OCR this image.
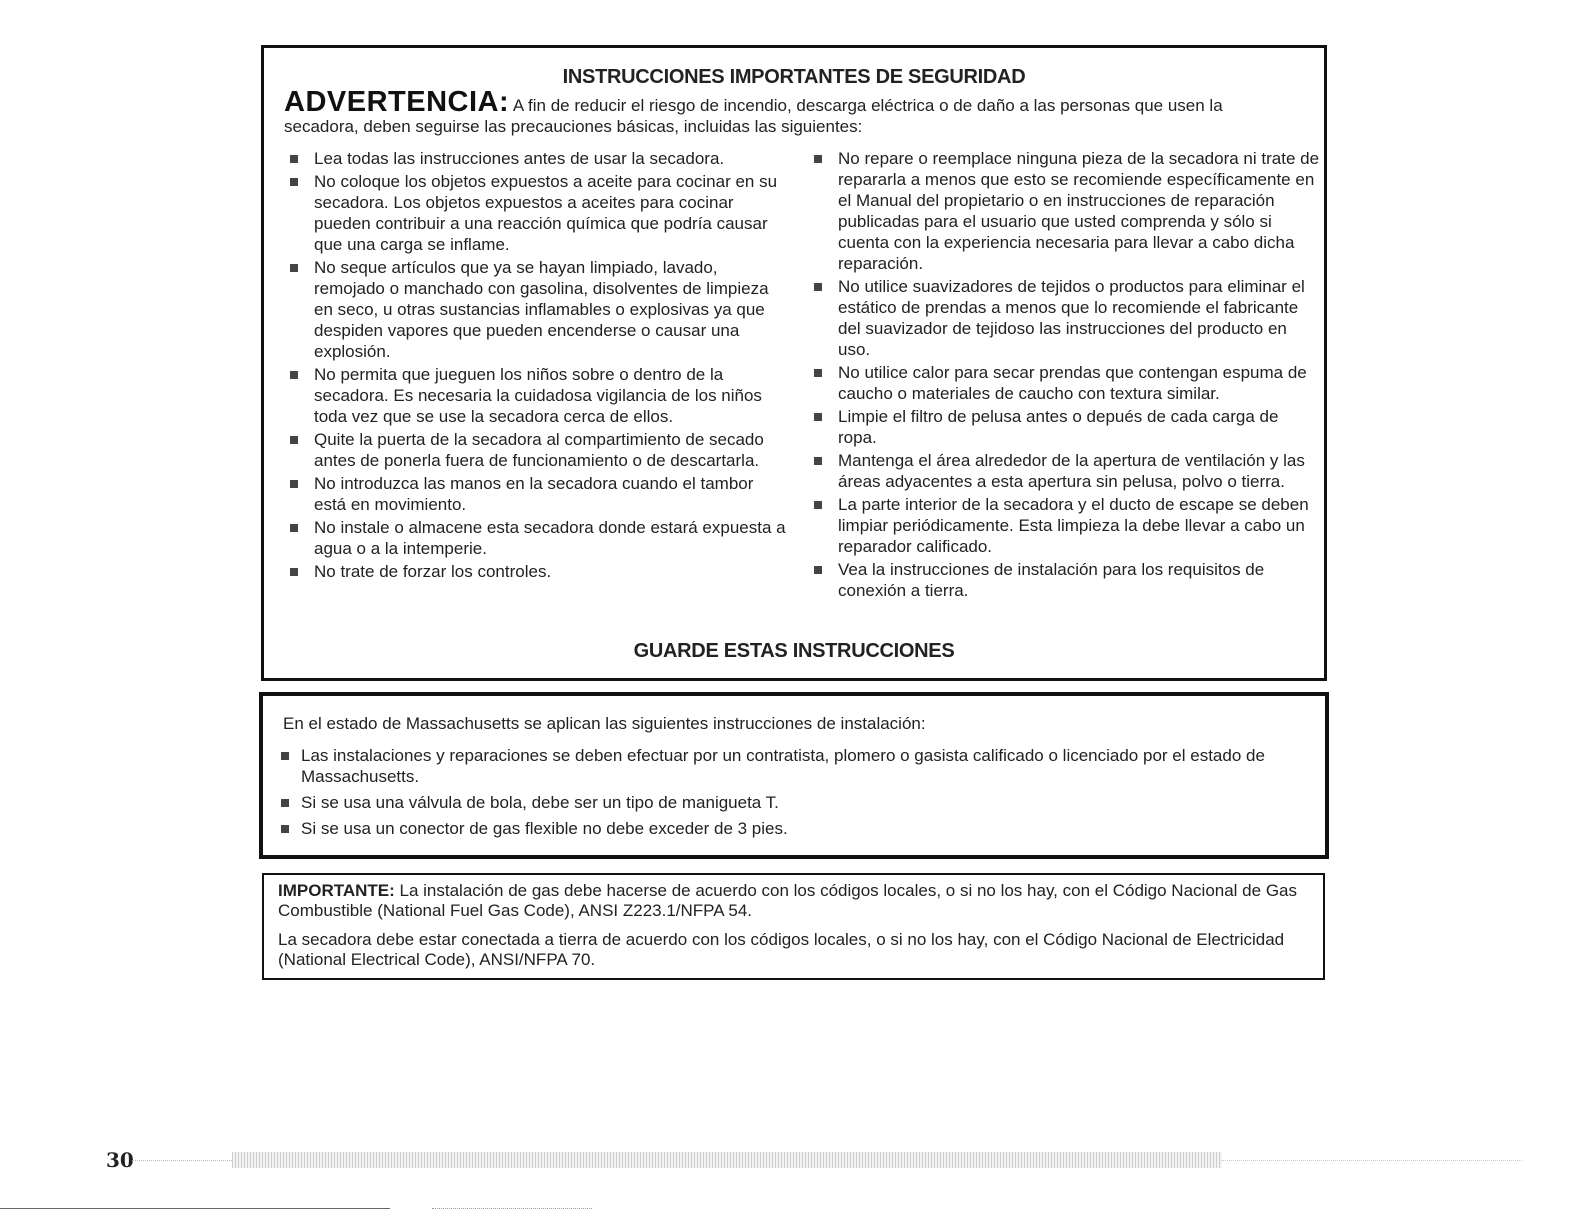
INSTRUCCIONES IMPORTANTES DE SEGURIDAD
ADVERTENCIA: A fin de reducir el riesgo de incendio, descarga eléctrica o de daño a las personas que usen la secadora, deben seguirse las precauciones básicas, incluidas las siguientes:
Lea todas las instrucciones antes de usar la secadora.
No coloque los objetos expuestos a aceite para cocinar en su secadora. Los objetos expuestos a aceites para cocinar pueden contribuir a una reacción química que podría causar que una carga se inflame.
No seque artículos que ya se hayan limpiado, lavado, remojado o manchado con gasolina, disolventes de limpieza en seco, u otras sustancias inflamables o explosivas ya que despiden vapores que pueden encenderse o causar una explosión.
No permita que jueguen los niños sobre o dentro de la secadora. Es necesaria la cuidadosa vigilancia de los niños toda vez que se use la secadora cerca de ellos.
Quite la puerta de la secadora al compartimiento de secado antes de ponerla fuera de funcionamiento o de descartarla.
No introduzca las manos en la secadora cuando el tambor está en movimiento.
No instale o almacene esta secadora donde estará expuesta a agua o a la intemperie.
No trate de forzar los controles.
No repare o reemplace ninguna pieza de la secadora ni trate de repararla a menos que esto se recomiende específicamente en el Manual del propietario o en instrucciones de reparación publicadas para el usuario que usted comprenda y sólo si cuenta con la experiencia necesaria para llevar a cabo dicha reparación.
No utilice suavizadores de tejidos o productos para eliminar el estático de prendas a menos que lo recomiende el fabricante del suavizador de tejidoso las instrucciones del producto en uso.
No utilice calor para secar prendas que contengan espuma de caucho o materiales de caucho con textura similar.
Limpie el filtro de pelusa antes o depués de cada carga de ropa.
Mantenga el área alrededor de la apertura de ventilación y las áreas adyacentes a esta apertura sin pelusa, polvo o tierra.
La parte interior de la secadora y el ducto de escape se deben limpiar periódicamente. Esta limpieza la debe llevar a cabo un reparador calificado.
Vea la instrucciones de instalación para los requisitos de conexión a tierra.
GUARDE ESTAS INSTRUCCIONES
En el estado de Massachusetts se aplican las siguientes instrucciones de instalación:
Las instalaciones y reparaciones se deben efectuar por un contratista, plomero o gasista calificado o licenciado por el estado de Massachusetts.
Si se usa una válvula de bola, debe ser un tipo de manigueta T.
Si se usa un conector de gas flexible no debe exceder de 3 pies.
IMPORTANTE: La instalación de gas debe hacerse de acuerdo con los códigos locales, o si no los hay, con el Código Nacional de Gas Combustible (National Fuel Gas Code), ANSI Z223.1/NFPA 54.
La secadora debe estar conectada a tierra de acuerdo con los códigos locales, o si no los hay, con el Código Nacional de Electricidad (National Electrical Code), ANSI/NFPA 70.
30
